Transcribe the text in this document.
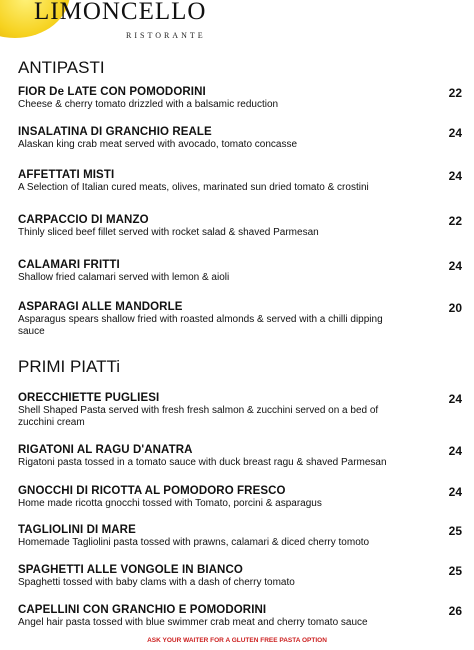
LIMONCELLO
RISTORANTE
ANTIPASTI
FIOR De LATE CON POMODORINI
Cheese & cherry tomato drizzled with a balsamic reduction
22
INSALATINA DI GRANCHIO REALE
Alaskan king crab meat served with avocado, tomato concasse
24
AFFETTATI MISTI
A Selection of Italian cured meats, olives, marinated sun dried tomato & crostini
24
CARPACCIO DI MANZO
Thinly sliced beef fillet served with rocket salad & shaved Parmesan
22
CALAMARI FRITTI
Shallow fried calamari served with lemon & aioli
24
ASPARAGI ALLE MANDORLE
Asparagus spears shallow fried with roasted almonds & served with a chilli dipping sauce
20
PRIMI PIATTi
ORECCHIETTE PUGLIESI
Shell Shaped Pasta served with fresh fresh salmon & zucchini served on a bed of zucchini cream
24
RIGATONI AL RAGU D'ANATRA
Rigatoni pasta tossed in a tomato sauce with duck breast ragu & shaved Parmesan
24
GNOCCHI DI RICOTTA AL POMODORO FRESCO
Home made ricotta gnocchi tossed with Tomato, porcini & asparagus
24
TAGLIOLINI DI MARE
Homemade Tagliolini pasta tossed with prawns, calamari & diced cherry tomoto
25
SPAGHETTI ALLE VONGOLE IN BIANCO
Spaghetti tossed with baby clams with a dash of cherry tomato
25
CAPELLINI CON GRANCHIO E POMODORINI
Angel hair pasta tossed with blue swimmer crab meat and cherry tomato sauce
26
ASK YOUR WAITER FOR A GLUTEN FREE PASTA OPTION
